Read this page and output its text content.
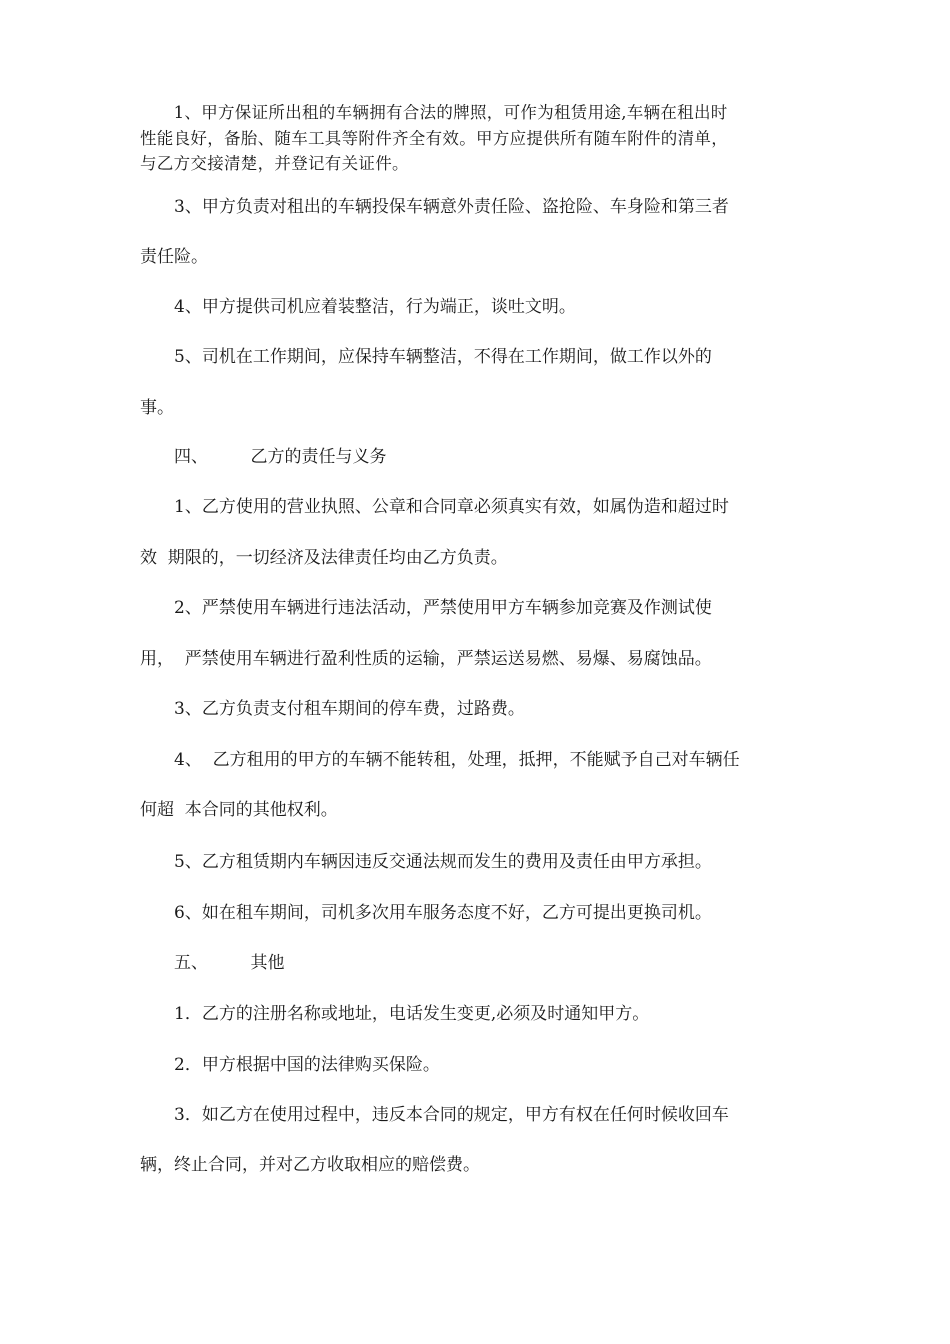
　　1、甲方保证所出租的车辆拥有合法的牌照，可作为租赁用途,车辆在租出时

性能良好，备胎、随车工具等附件齐全有效。甲方应提供所有随车附件的清单，

与乙方交接清楚，并登记有关证件。

　　3、甲方负责对租出的车辆投保车辆意外责任险、盗抢险、车身险和第三者

责任险。

　　4、甲方提供司机应着装整洁，行为端正，谈吐文明。

　　5、司机在工作期间，应保持车辆整洁，不得在工作期间，做工作以外的

事。

　　四、　　　乙方的责任与义务

　　1、乙方使用的营业执照、公章和合同章必须真实有效，如属伪造和超过时

效  期限的，一切经济及法律责任均由乙方负责。

　　2、严禁使用车辆进行违法活动，严禁使用甲方车辆参加竞赛及作测试使

用，  严禁使用车辆进行盈利性质的运输，严禁运送易燃、易爆、易腐蚀品。

　　3、乙方负责支付租车期间的停车费，过路费。

　　4、  乙方租用的甲方的车辆不能转租，处理，抵押，不能赋予自己对车辆任

何超  本合同的其他权利。

　　5、乙方租赁期内车辆因违反交通法规而发生的费用及责任由甲方承担。

　　6、如在租车期间，司机多次用车服务态度不好，乙方可提出更换司机。

　　五、　　　其他

　　1．乙方的注册名称或地址，电话发生变更,必须及时通知甲方。

　　2．甲方根据中国的法律购买保险。

　　3．如乙方在使用过程中，违反本合同的规定，甲方有权在任何时候收回车

辆，终止合同，并对乙方收取相应的赔偿费。
